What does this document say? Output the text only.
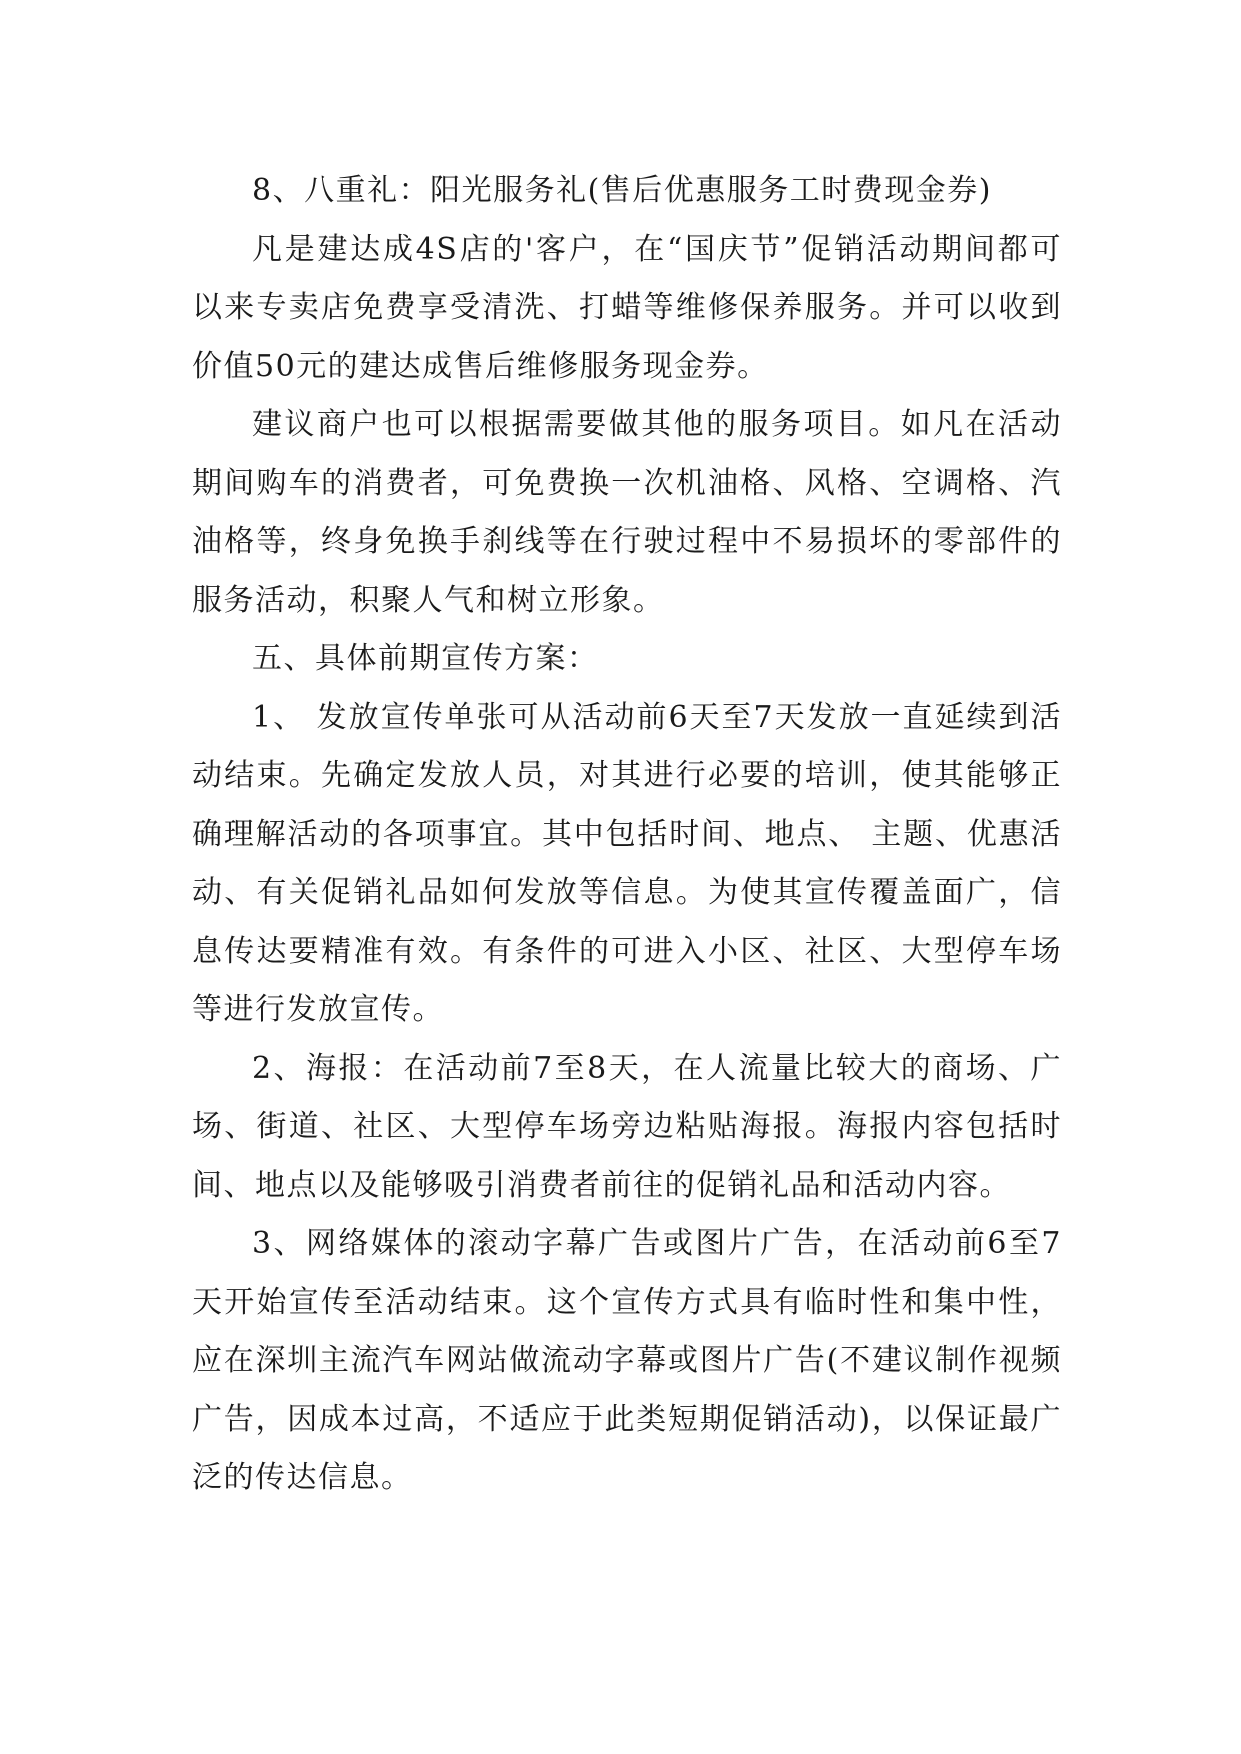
8、八重礼：阳光服务礼(售后优惠服务工时费现金券)

凡是建达成4S店的'客户，在“国庆节”促销活动期间都可以来专卖店免费享受清洗、打蜡等维修保养服务。并可以收到价值50元的建达成售后维修服务现金券。

建议商户也可以根据需要做其他的服务项目。如凡在活动期间购车的消费者，可免费换一次机油格、风格、空调格、汽油格等，终身免换手刹线等在行驶过程中不易损坏的零部件的服务活动，积聚人气和树立形象。

五、具体前期宣传方案：

1、 发放宣传单张可从活动前6天至7天发放一直延续到活动结束。先确定发放人员，对其进行必要的培训，使其能够正确理解活动的各项事宜。其中包括时间、地点、 主题、优惠活动、有关促销礼品如何发放等信息。为使其宣传覆盖面广，信息传达要精准有效。有条件的可进入小区、社区、大型停车场等进行发放宣传。

2、海报：在活动前7至8天，在人流量比较大的商场、广场、街道、社区、大型停车场旁边粘贴海报。海报内容包括时间、地点以及能够吸引消费者前往的促销礼品和活动内容。

3、网络媒体的滚动字幕广告或图片广告，在活动前6至7天开始宣传至活动结束。这个宣传方式具有临时性和集中性，应在深圳主流汽车网站做流动字幕或图片广告(不建议制作视频广告，因成本过高，不适应于此类短期促销活动)，以保证最广泛的传达信息。
